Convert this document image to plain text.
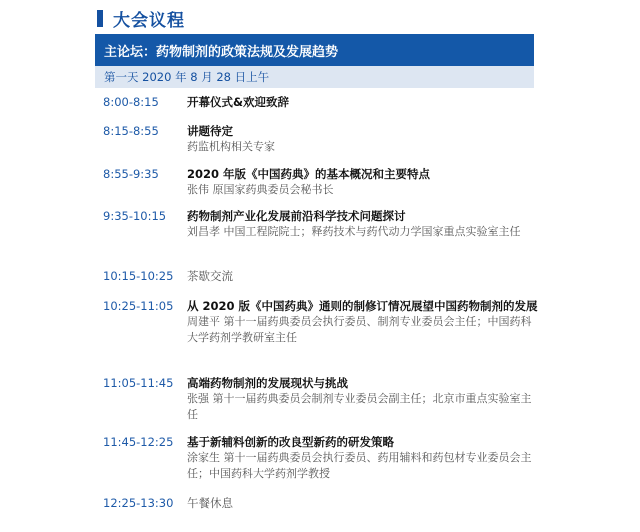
大会议程
主论坛：药物制剂的政策法规及发展趋势
第一天 2020 年 8 月 28 日上午
8:00-8:15 开幕仪式&欢迎致辞
8:15-8:55 讲题待定
药监机构相关专家
8:55-9:35 2020 年版《中国药典》的基本概况和主要特点
张伟 原国家药典委员会秘书长
9:35-10:15 药物制剂产业化发展前沿科学技术问题探讨
刘昌孝 中国工程院院士；释药技术与药代动力学国家重点实验室主任
10:15-10:25 茶歇交流
10:25-11:05 从 2020 版《中国药典》通则的制修订情况展望中国药物制剂的发展
周建平 第十一届药典委员会执行委员、制剂专业委员会主任；中国药科大学药剂学教研室主任
11:05-11:45 高端药物制剂的发展现状与挑战
张强 第十一届药典委员会制剂专业委员会副主任；北京市重点实验室主任
11:45-12:25 基于新辅料创新的改良型新药的研发策略
涂家生 第十一届药典委员会执行委员、药用辅料和药包材专业委员会主任；中国药科大学药剂学教授
12:25-13:30 午餐休息
